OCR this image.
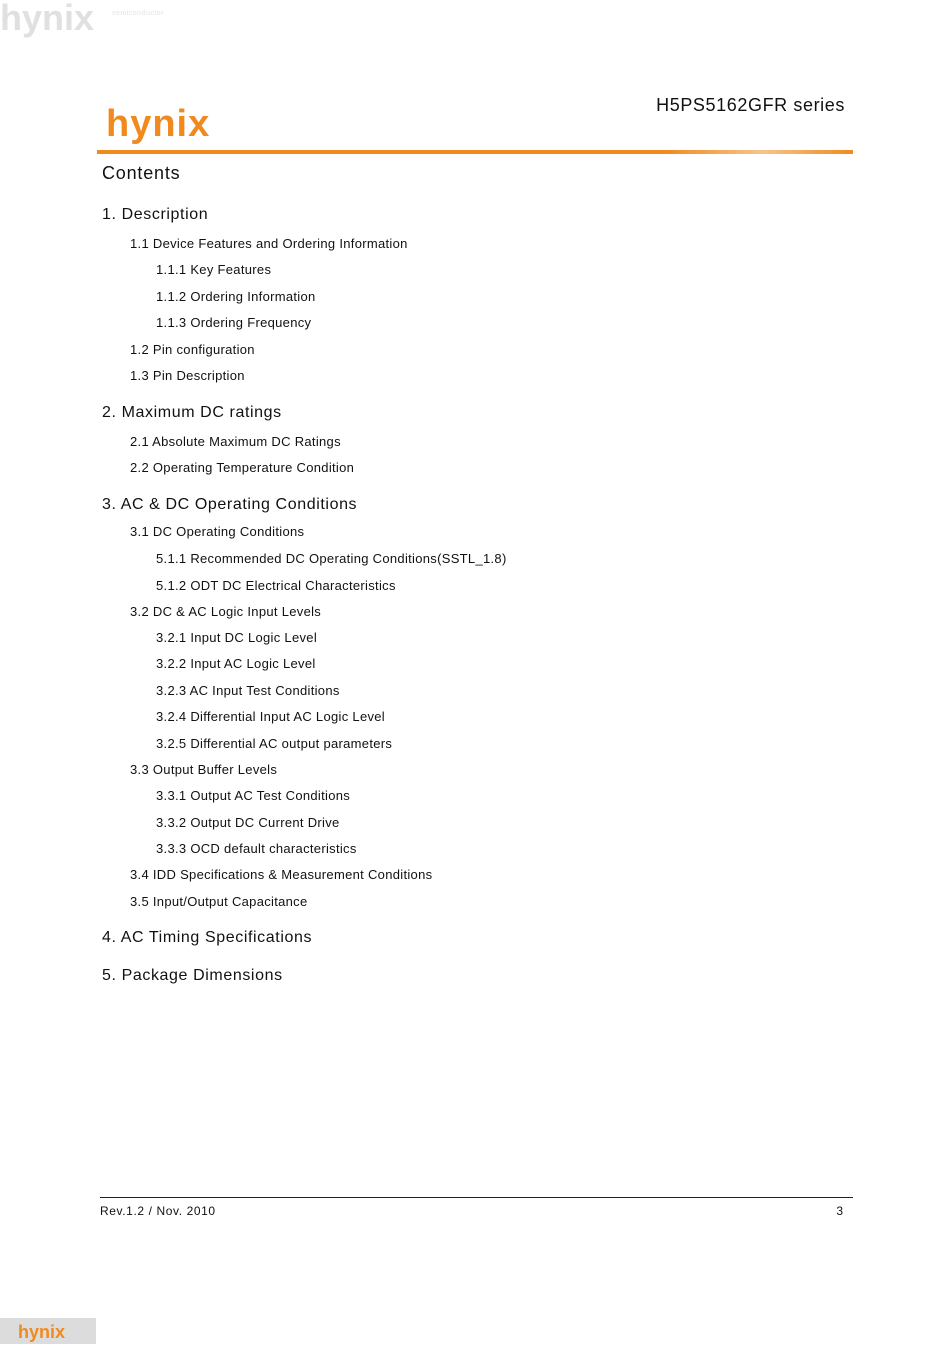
hynix	semiconductor
hynix	H5PS5162GFR series
Contents
1. Description
1.1 Device Features and Ordering Information
1.1.1 Key Features
1.1.2 Ordering Information
1.1.3 Ordering Frequency
1.2 Pin configuration
1.3 Pin Description
2. Maximum DC ratings
2.1 Absolute Maximum DC Ratings
2.2 Operating Temperature Condition
3. AC & DC Operating Conditions
3.1 DC Operating Conditions
5.1.1 Recommended DC Operating Conditions(SSTL_1.8)
5.1.2 ODT DC Electrical Characteristics
3.2 DC & AC Logic Input Levels
3.2.1 Input DC Logic Level
3.2.2 Input AC Logic Level
3.2.3 AC Input Test Conditions
3.2.4 Differential Input AC Logic Level
3.2.5 Differential AC output parameters
3.3 Output Buffer Levels
3.3.1 Output AC Test Conditions
3.3.2 Output DC Current Drive
3.3.3 OCD default characteristics
3.4 IDD Specifications & Measurement Conditions
3.5 Input/Output Capacitance
4. AC Timing Specifications
5. Package Dimensions
Rev.1.2 / Nov. 2010	3
hynix
